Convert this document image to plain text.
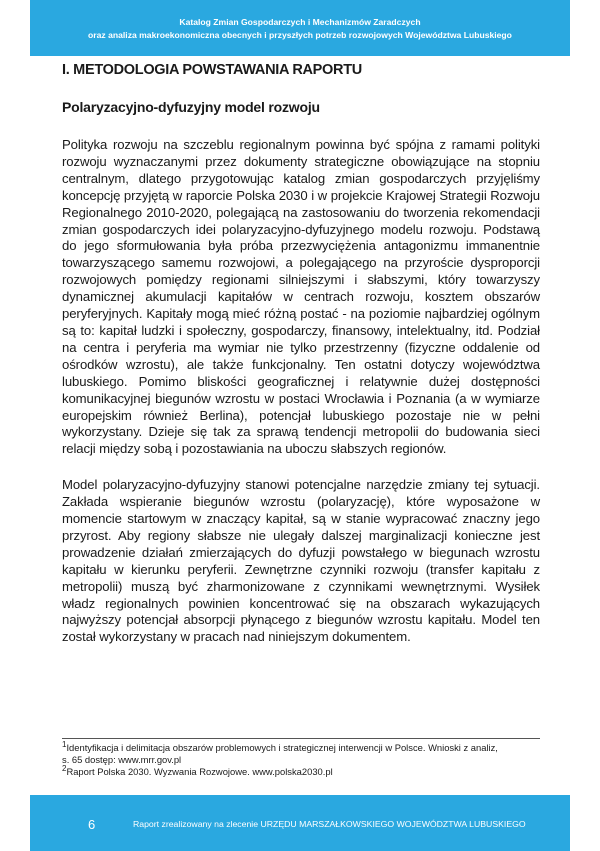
Katalog Zmian Gospodarczych i Mechanizmów Zaradczych
oraz analiza makroekonomiczna obecnych i przyszłych potrzeb rozwojowych Województwa Lubuskiego
I. METODOLOGIA POWSTAWANIA RAPORTU
Polaryzacyjno-dyfuzyjny model rozwoju

Polityka rozwoju na szczeblu regionalnym powinna być spójna z ramami polityki rozwoju wyznaczanymi przez dokumenty strategiczne obowiązujące na stopniu centralnym, dlatego przygotowując katalog zmian gospodarczych przyjęliśmy koncepcję przyjętą w raporcie Polska 2030 i w projekcie Krajowej Strategii Rozwoju Regionalnego 2010-2020, polegającą na zastosowaniu do tworzenia rekomendacji zmian gospodarczych idei polaryzacyjno-dyfuzyjnego modelu rozwoju. Podstawą do jego sformułowania była próba przezwyciężenia antagonizmu immanentnie towarzyszącego samemu rozwojowi, a polegającego na przyroście dysproporcji rozwojowych pomiędzy regionami silniejszymi i słabszymi, który towarzyszy dynamicznej akumulacji kapitałów w centrach rozwoju, kosztem obszarów peryferyjnych. Kapitały mogą mieć różną postać - na poziomie najbardziej ogólnym są to: kapitał ludzki i społeczny, gospodarczy, finansowy, intelektualny, itd. Podział na centra i peryferia ma wymiar nie tylko przestrzenny (fizyczne oddalenie od ośrodków wzrostu), ale także funkcjonalny. Ten ostatni dotyczy województwa lubuskiego. Pomimo bliskości geograficznej i relatywnie dużej dostępności komunikacyjnej biegunów wzrostu w postaci Wrocławia i Poznania (a w wymiarze europejskim również Berlina), potencjał lubuskiego pozostaje nie w pełni wykorzystany. Dzieje się tak za sprawą tendencji metropolii do budowania sieci relacji między sobą i pozostawiania na uboczu słabszych regionów.

Model polaryzacyjno-dyfuzyjny stanowi potencjalne narzędzie zmiany tej sytuacji. Zakłada wspieranie biegunów wzrostu (polaryzację), które wyposażone w momencie startowym w znaczący kapitał, są w stanie wypracować znaczny jego przyrost. Aby regiony słabsze nie ulegały dalszej marginalizacji konieczne jest prowadzenie działań zmierzających do dyfuzji powstałego w biegunach wzrostu kapitału w kierunku peryferii. Zewnętrzne czynniki rozwoju (transfer kapitału z metropolii) muszą być zharmonizowane z czynnikami wewnętrznymi. Wysiłek władz regionalnych powinien koncentrować się na obszarach wykazujących najwyższy potencjał absorpcji płynącego z biegunów wzrostu kapitału. Model ten został wykorzystany w pracach nad niniejszym dokumentem.

$^1$Identyfikacja i delimitacja obszarów problemowych i strategicznej interwencji w Polsce. Wnioski z analiz,
s. 65 dostęp: www.mrr.gov.pl
$^2$Raport Polska 2030. Wyzwania Rozwojowe. www.polska2030.pl
6	Raport zrealizowany na zlecenie URZĘDU MARSZAŁKOWSKIEGO WOJEWÓDZTWA LUBUSKIEGO
